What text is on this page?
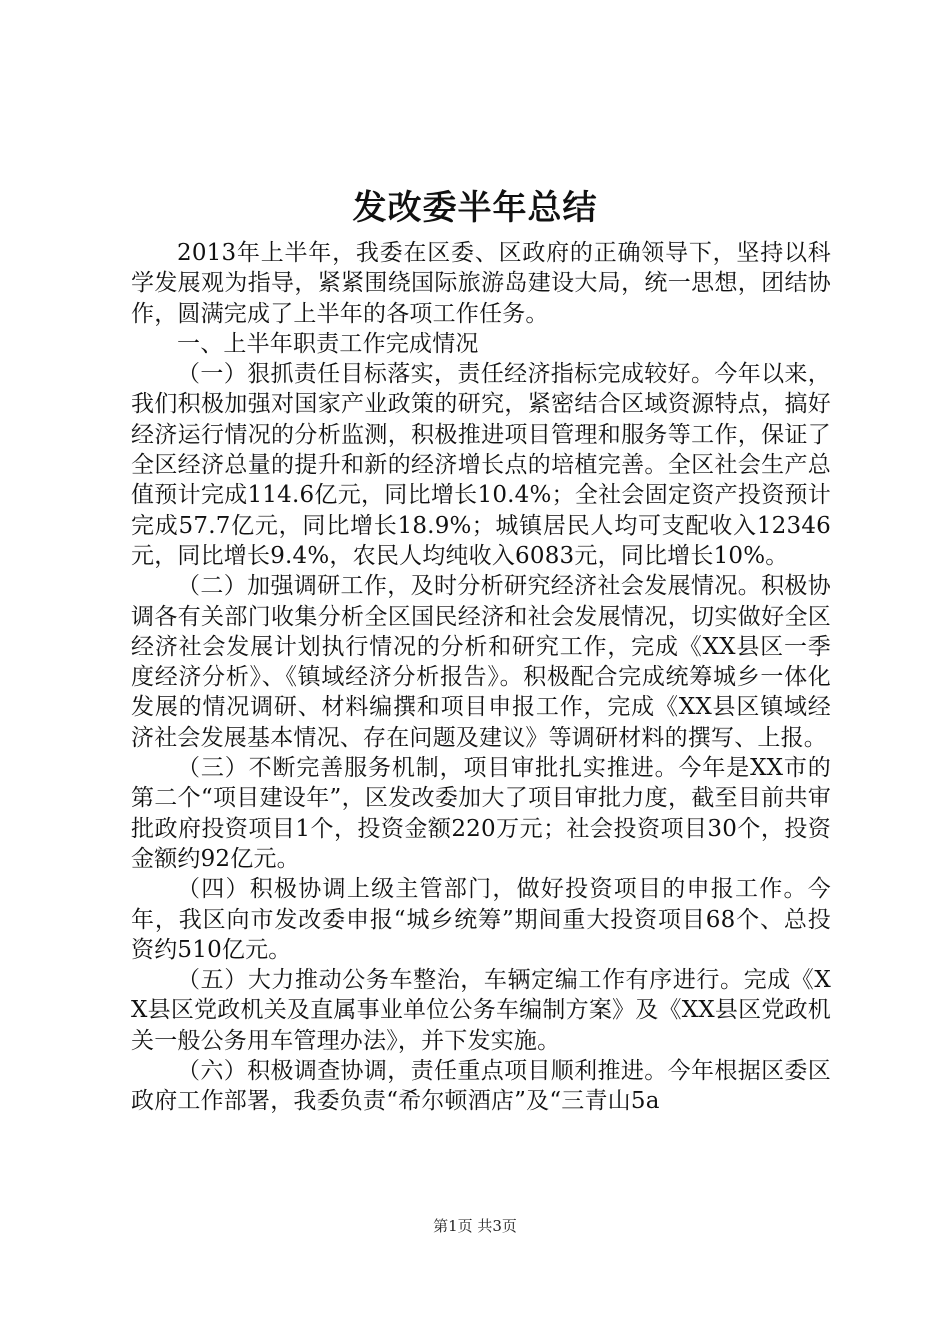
发改委半年总结

2013年上半年，我委在区委、区政府的正确领导下，坚持以科学发展观为指导，紧紧围绕国际旅游岛建设大局，统一思想，团结协作，圆满完成了上半年的各项工作任务。

一、上半年职责工作完成情况

（一）狠抓责任目标落实，责任经济指标完成较好。今年以来，我们积极加强对国家产业政策的研究，紧密结合区域资源特点，搞好经济运行情况的分析监测，积极推进项目管理和服务等工作，保证了全区经济总量的提升和新的经济增长点的培植完善。全区社会生产总值预计完成114.6亿元，同比增长10.4%；全社会固定资产投资预计完成57.7亿元，同比增长18.9%；城镇居民人均可支配收入12346元，同比增长9.4%，农民人均纯收入6083元，同比增长10%。

（二）加强调研工作，及时分析研究经济社会发展情况。积极协调各有关部门收集分析全区国民经济和社会发展情况，切实做好全区经济社会发展计划执行情况的分析和研究工作，完成《XX县区一季度经济分析》、《镇域经济分析报告》。积极配合完成统筹城乡一体化发展的情况调研、材料编撰和项目申报工作，完成《XX县区镇域经济社会发展基本情况、存在问题及建议》等调研材料的撰写、上报。

（三）不断完善服务机制，项目审批扎实推进。今年是XX市的第二个“项目建设年”，区发改委加大了项目审批力度，截至目前共审批政府投资项目1个，投资金额220万元；社会投资项目30个，投资金额约92亿元。

（四）积极协调上级主管部门，做好投资项目的申报工作。今年，我区向市发改委申报“城乡统筹”期间重大投资项目68个、总投资约510亿元。

（五）大力推动公务车整治，车辆定编工作有序进行。完成《XX县区党政机关及直属事业单位公务车编制方案》及《XX县区党政机关一般公务用车管理办法》，并下发实施。

（六）积极调查协调，责任重点项目顺利推进。今年根据区委区政府工作部署，我委负责“希尔顿酒店”及“三青山5a

第1页 共3页
